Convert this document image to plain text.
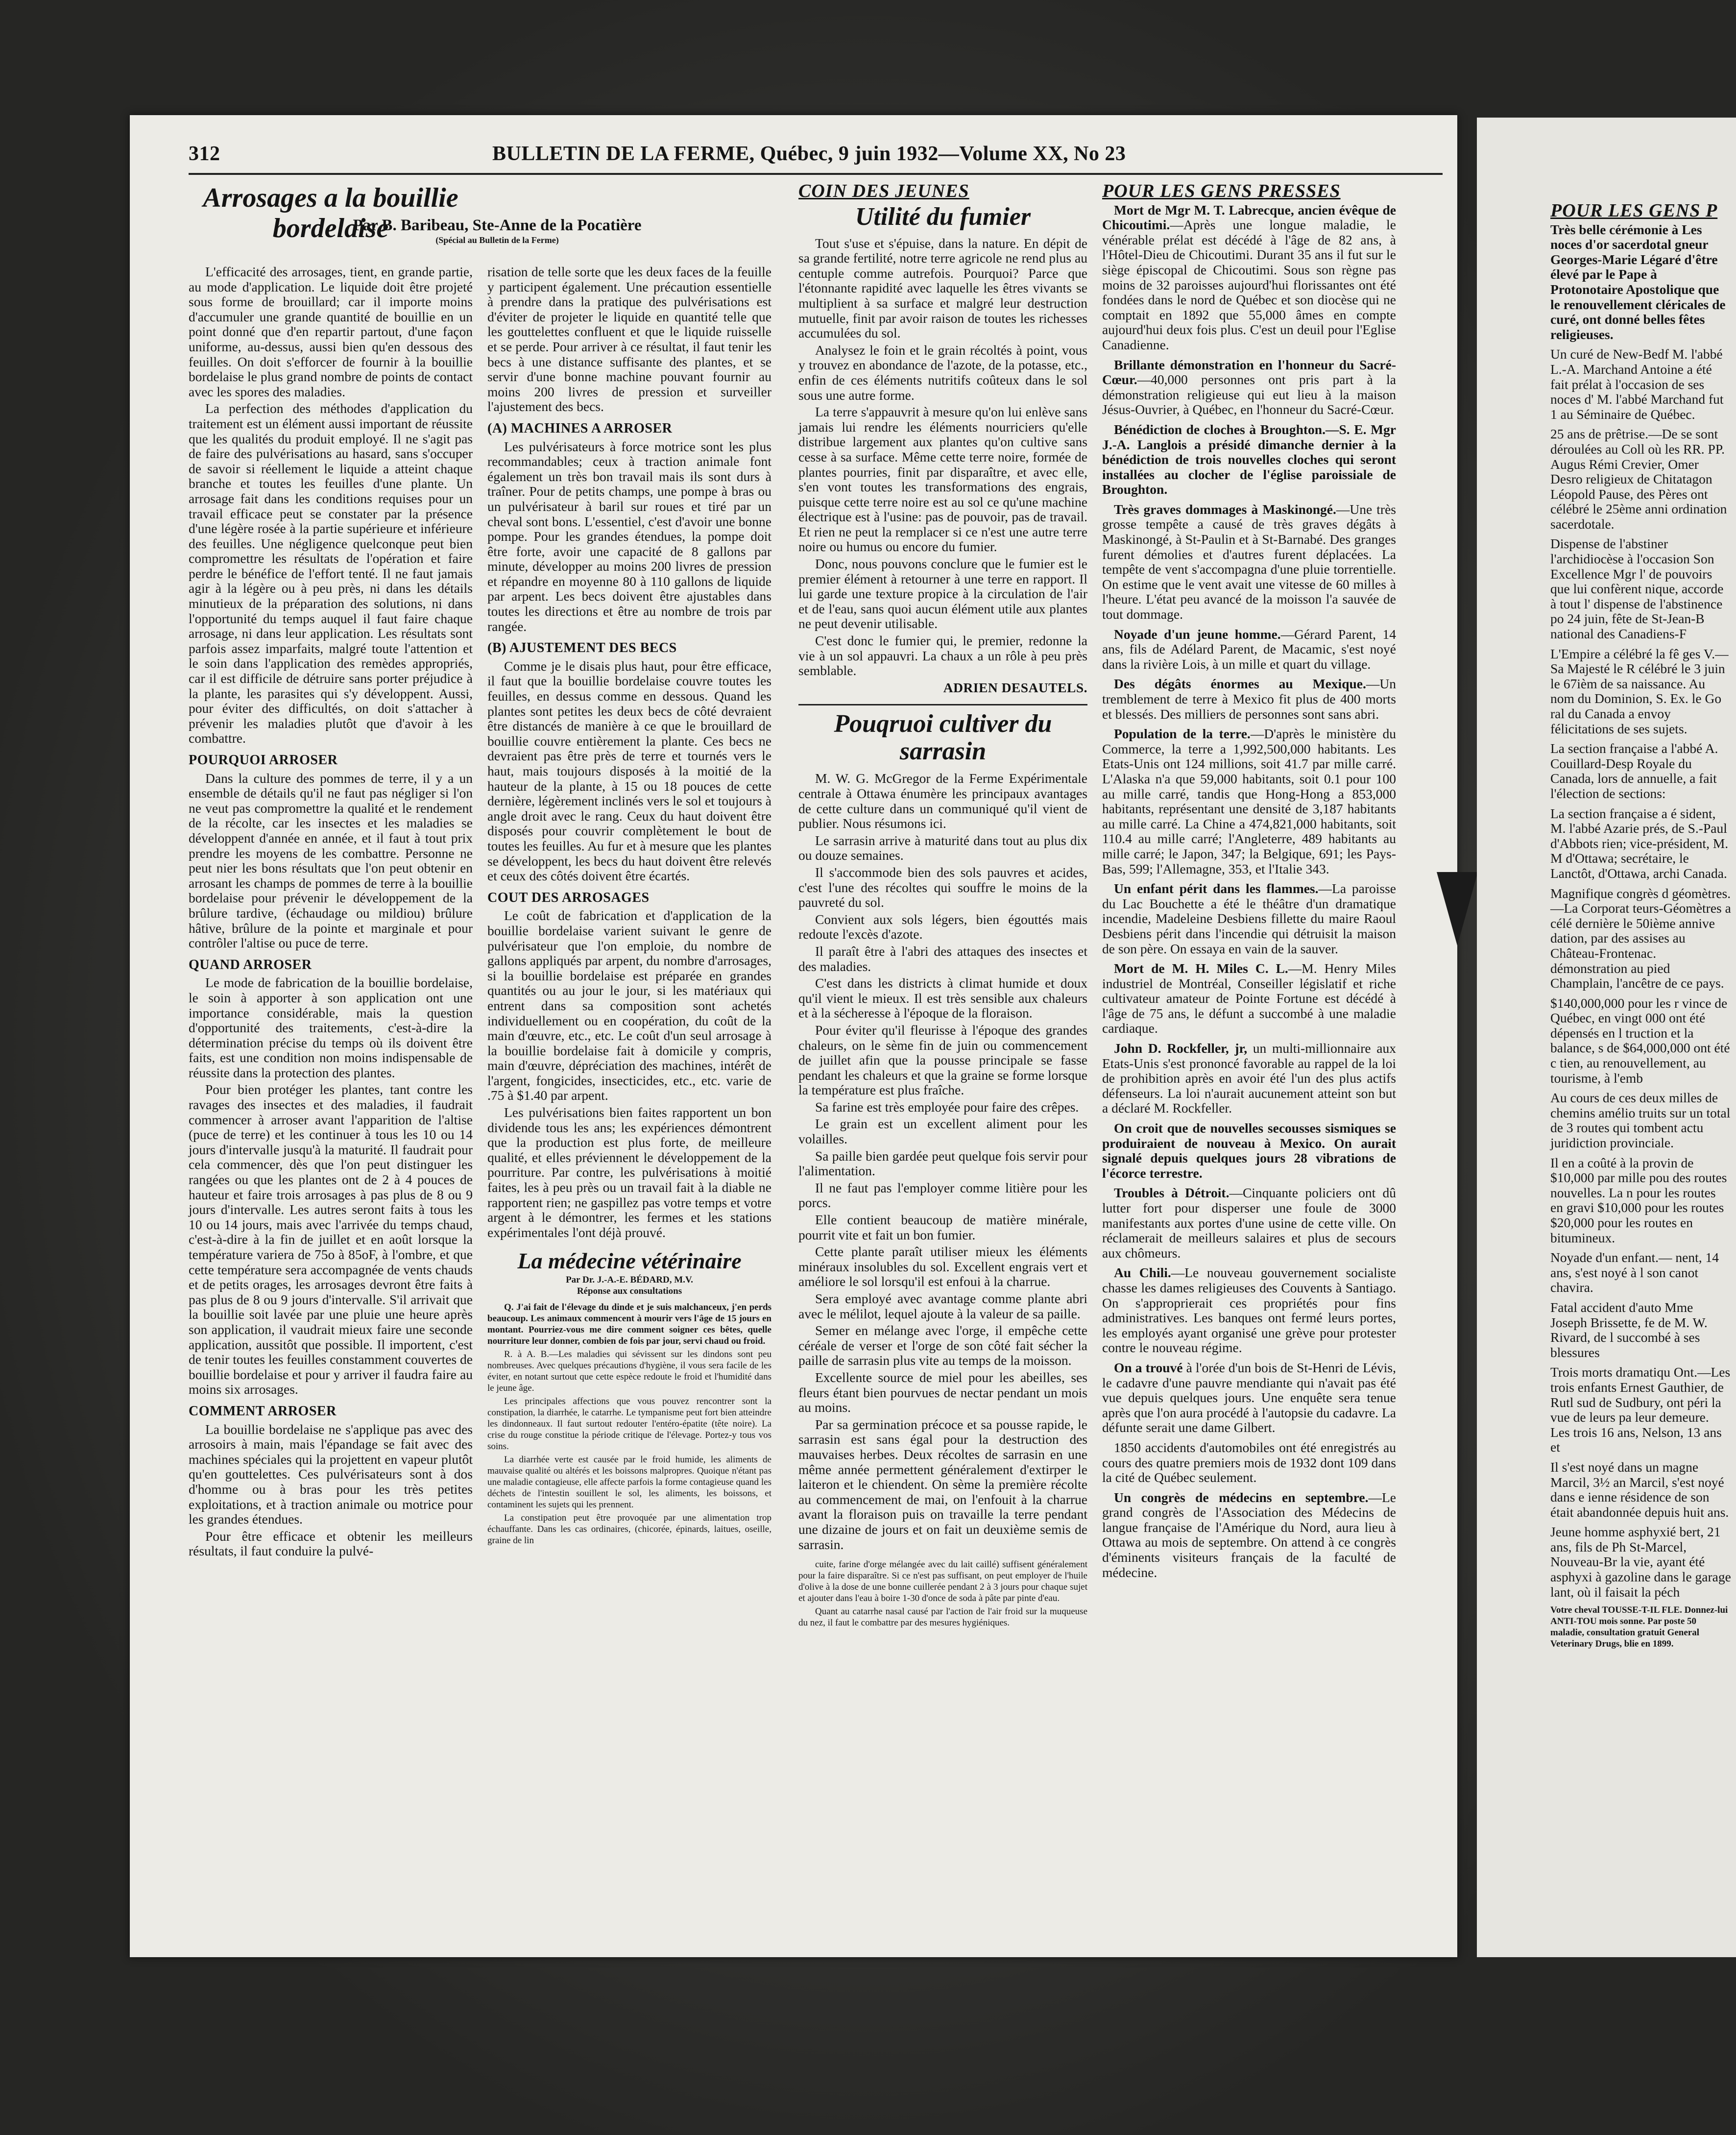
312	BULLETIN DE LA FERME, Québec, 9 juin 1932—Volume XX, No 23
Arrosages a la bouillie bordelaise
Par B. Baribeau, Ste-Anne de la Pocatière
(Spécial au Bulletin de la Ferme)

L'efficacité des arrosages, tient, en grande partie, au mode d'application. Le liquide doit être projeté sous forme de brouillard; car il importe moins d'accumuler une grande quantité de bouillie en un point donné que d'en repartir partout, d'une façon uniforme, au-dessus, aussi bien qu'en dessous des feuilles. On doit s'efforcer de fournir à la bouillie bordelaise le plus grand nombre de points de contact avec les spores des maladies.

La perfection des méthodes d'application du traitement est un élément aussi important de réussite que les qualités du produit employé. Il ne s'agit pas de faire des pulvérisations au hasard, sans s'occuper de savoir si réellement le liquide a atteint chaque branche et toutes les feuilles d'une plante. Un arrosage fait dans les conditions requises pour un travail efficace peut se constater par la présence d'une légère rosée à la partie supérieure et inférieure des feuilles. Une négligence quelconque peut bien compromettre les résultats de l'opération et faire perdre le bénéfice de l'effort tenté. Il ne faut jamais agir à la légère ou à peu près, ni dans les détails minutieux de la préparation des solutions, ni dans l'opportunité du temps auquel il faut faire chaque arrosage, ni dans leur application. Les résultats sont parfois assez imparfaits, malgré toute l'attention et le soin dans l'application des remèdes appropriés, car il est difficile de détruire sans porter préjudice à la plante, les parasites qui s'y développent. Aussi, pour éviter des difficultés, on doit s'attacher à prévenir les maladies plutôt que d'avoir à les combattre.

POURQUOI ARROSER

Dans la culture des pommes de terre, il y a un ensemble de détails qu'il ne faut pas négliger si l'on ne veut pas compromettre la qualité et le rendement de la récolte, car les insectes et les maladies se développent d'année en année, et il faut à tout prix prendre les moyens de les combattre. Personne ne peut nier les bons résultats que l'on peut obtenir en arrosant les champs de pommes de terre à la bouillie bordelaise pour prévenir le développement de la brûlure tardive, (échaudage ou mildiou) brûlure hâtive, brûlure de la pointe et marginale et pour contrôler l'altise ou puce de terre.

QUAND ARROSER

Le mode de fabrication de la bouillie bordelaise, le soin à apporter à son application ont une importance considérable, mais la question d'opportunité des traitements, c'est-à-dire la détermination précise du temps où ils doivent être faits, est une condition non moins indispensable de réussite dans la protection des plantes.

Pour bien protéger les plantes, tant contre les ravages des insectes et des maladies, il faudrait commencer à arroser avant l'apparition de l'altise (puce de terre) et les continuer à tous les 10 ou 14 jours d'intervalle jusqu'à la maturité. Il faudrait pour cela commencer, dès que l'on peut distinguer les rangées ou que les plantes ont de 2 à 4 pouces de hauteur et faire trois arrosages à pas plus de 8 ou 9 jours d'intervalle. Les autres seront faits à tous les 10 ou 14 jours, mais avec l'arrivée du temps chaud, c'est-à-dire à la fin de juillet et en août lorsque la température variera de 75o à 85oF, à l'ombre, et que cette température sera accompagnée de vents chauds et de petits orages, les arrosages devront être faits à pas plus de 8 ou 9 jours d'intervalle. S'il arrivait que la bouillie soit lavée par une pluie une heure après son application, il vaudrait mieux faire une seconde application, aussitôt que possible. Il importent, c'est de tenir toutes les feuilles constamment couvertes de bouillie bordelaise et pour y arriver il faudra faire au moins six arrosages.

COMMENT ARROSER

La bouillie bordelaise ne s'applique pas avec des arrosoirs à main, mais l'épandage se fait avec des machines spéciales qui la projettent en vapeur plutôt qu'en gouttelettes. Ces pulvérisateurs sont à dos d'homme ou à bras pour les très petites exploitations, et à traction animale ou motrice pour les grandes étendues.

Pour être efficace et obtenir les meilleurs résultats, il faut conduire la pulvé-

risation de telle sorte que les deux faces de la feuille y participent également. Une précaution essentielle à prendre dans la pratique des pulvérisations est d'éviter de projeter le liquide en quantité telle que les gouttelettes confluent et que le liquide ruisselle et se perde. Pour arriver à ce résultat, il faut tenir les becs à une distance suffisante des plantes, et se servir d'une bonne machine pouvant fournir au moins 200 livres de pression et surveiller l'ajustement des becs.

(A) MACHINES A ARROSER

Les pulvérisateurs à force motrice sont les plus recommandables; ceux à traction animale font également un très bon travail mais ils sont durs à traîner. Pour de petits champs, une pompe à bras ou un pulvérisateur à baril sur roues et tiré par un cheval sont bons. L'essentiel, c'est d'avoir une bonne pompe. Pour les grandes étendues, la pompe doit être forte, avoir une capacité de 8 gallons par minute, développer au moins 200 livres de pression et répandre en moyenne 80 à 110 gallons de liquide par arpent. Les becs doivent être ajustables dans toutes les directions et être au nombre de trois par rangée.

(B) AJUSTEMENT DES BECS

Comme je le disais plus haut, pour être efficace, il faut que la bouillie bordelaise couvre toutes les feuilles, en dessus comme en dessous. Quand les plantes sont petites les deux becs de côté devraient être distancés de manière à ce que le brouillard de bouillie couvre entièrement la plante. Ces becs ne devraient pas être près de terre et tournés vers le haut, mais toujours disposés à la moitié de la hauteur de la plante, à 15 ou 18 pouces de cette dernière, légèrement inclinés vers le sol et toujours à angle droit avec le rang. Ceux du haut doivent être disposés pour couvrir complètement le bout de toutes les feuilles. Au fur et à mesure que les plantes se développent, les becs du haut doivent être relevés et ceux des côtés doivent être écartés.

COUT DES ARROSAGES

Le coût de fabrication et d'application de la bouillie bordelaise varient suivant le genre de pulvérisateur que l'on emploie, du nombre de gallons appliqués par arpent, du nombre d'arrosages, si la bouillie bordelaise est préparée en grandes quantités ou au jour le jour, si les matériaux qui entrent dans sa composition sont achetés individuellement ou en coopération, du coût de la main d'œuvre, etc., etc. Le coût d'un seul arrosage à la bouillie bordelaise fait à domicile y compris, main d'œuvre, dépréciation des machines, intérêt de l'argent, fongicides, insecticides, etc., etc. varie de .75 à $1.40 par arpent.

Les pulvérisations bien faites rapportent un bon dividende tous les ans; les expériences démontrent que la production est plus forte, de meilleure qualité, et elles préviennent le développement de la pourriture. Par contre, les pulvérisations à moitié faites, les à peu près ou un travail fait à la diable ne rapportent rien; ne gaspillez pas votre temps et votre argent à le démontrer, les fermes et les stations expérimentales l'ont déjà prouvé.

La médecine vétérinaire
Par Dr. J.-A.-E. BÉDARD, M.V.
Réponse aux consultations

Q. J'ai fait de l'élevage du dinde et je suis malchanceux, j'en perds beaucoup. Les animaux commencent à mourir vers l'âge de 15 jours en montant. Pourriez-vous me dire comment soigner ces bêtes, quelle nourriture leur donner, combien de fois par jour, servi chaud ou froid.

R. à A. B.—Les maladies qui sévissent sur les dindons sont peu nombreuses. Avec quelques précautions d'hygiène, il vous sera facile de les éviter, en notant surtout que cette espèce redoute le froid et l'humidité dans le jeune âge.

Les principales affections que vous pouvez rencontrer sont la constipation, la diarrhée, le catarrhe. Le tympanisme peut fort bien atteindre les dindonneaux. Il faut surtout redouter l'entéro-épatite (tête noire). La crise du rouge constitue la période critique de l'élevage. Portez-y tous vos soins.

La diarrhée verte est causée par le froid humide, les aliments de mauvaise qualité ou altérés et les boissons malpropres. Quoique n'étant pas une maladie contagieuse, elle affecte parfois la forme contagieuse quand les déchets de l'intestin souillent le sol, les aliments, les boissons, et contaminent les sujets qui les prennent.

La constipation peut être provoquée par une alimentation trop échauffante. Dans les cas ordinaires, (chicorée, épinards, laitues, oseille, graine de lin

COIN DES JEUNES
Utilité du fumier

Tout s'use et s'épuise, dans la nature. En dépit de sa grande fertilité, notre terre agricole ne rend plus au centuple comme autrefois. Pourquoi? Parce que l'étonnante rapidité avec laquelle les êtres vivants se multiplient à sa surface et malgré leur destruction mutuelle, finit par avoir raison de toutes les richesses accumulées du sol.

Analysez le foin et le grain récoltés à point, vous y trouvez en abondance de l'azote, de la potasse, etc., enfin de ces éléments nutritifs coûteux dans le sol sous une autre forme.

La terre s'appauvrit à mesure qu'on lui enlève sans jamais lui rendre les éléments nourriciers qu'elle distribue largement aux plantes qu'on cultive sans cesse à sa surface. Même cette terre noire, formée de plantes pourries, finit par disparaître, et avec elle, s'en vont toutes les transformations des engrais, puisque cette terre noire est au sol ce qu'une machine électrique est à l'usine: pas de pouvoir, pas de travail. Et rien ne peut la remplacer si ce n'est une autre terre noire ou humus ou encore du fumier.

Donc, nous pouvons conclure que le fumier est le premier élément à retourner à une terre en rapport. Il lui garde une texture propice à la circulation de l'air et de l'eau, sans quoi aucun élément utile aux plantes ne peut devenir utilisable.

C'est donc le fumier qui, le premier, redonne la vie à un sol appauvri. La chaux a un rôle à peu près semblable.

ADRIEN DESAUTELS.
Pouqruoi cultiver du sarrasin

M. W. G. McGregor de la Ferme Expérimentale centrale à Ottawa énumère les principaux avantages de cette culture dans un communiqué qu'il vient de publier. Nous résumons ici.

Le sarrasin arrive à maturité dans tout au plus dix ou douze semaines.

Il s'accommode bien des sols pauvres et acides, c'est l'une des récoltes qui souffre le moins de la pauvreté du sol.

Convient aux sols légers, bien égouttés mais redoute l'excès d'azote.

Il paraît être à l'abri des attaques des insectes et des maladies.

C'est dans les districts à climat humide et doux qu'il vient le mieux. Il est très sensible aux chaleurs et à la sécheresse à l'époque de la floraison.

Pour éviter qu'il fleurisse à l'époque des grandes chaleurs, on le sème fin de juin ou commencement de juillet afin que la pousse principale se fasse pendant les chaleurs et que la graine se forme lorsque la température est plus fraîche.

Sa farine est très employée pour faire des crêpes.

Le grain est un excellent aliment pour les volailles.

Sa paille bien gardée peut quelque fois servir pour l'alimentation.

Il ne faut pas l'employer comme litière pour les porcs.

Elle contient beaucoup de matière minérale, pourrit vite et fait un bon fumier.

Cette plante paraît utiliser mieux les éléments minéraux insolubles du sol. Excellent engrais vert et améliore le sol lorsqu'il est enfoui à la charrue.

Sera employé avec avantage comme plante abri avec le mélilot, lequel ajoute à la valeur de sa paille.

Semer en mélange avec l'orge, il empêche cette céréale de verser et l'orge de son côté fait sécher la paille de sarrasin plus vite au temps de la moisson.

Excellente source de miel pour les abeilles, ses fleurs étant bien pourvues de nectar pendant un mois au moins.

Par sa germination précoce et sa pousse rapide, le sarrasin est sans égal pour la destruction des mauvaises herbes. Deux récoltes de sarrasin en une même année permettent généralement d'extirper le laiteron et le chiendent. On sème la première récolte au commencement de mai, on l'enfouit à la charrue avant la floraison puis on travaille la terre pendant une dizaine de jours et on fait un deuxième semis de sarrasin.

cuite, farine d'orge mélangée avec du lait caillé) suffisent généralement pour la faire disparaître. Si ce n'est pas suffisant, on peut employer de l'huile d'olive à la dose de une bonne cuillerée pendant 2 à 3 jours pour chaque sujet et ajouter dans l'eau à boire 1-30 d'once de soda à pâte par pinte d'eau.

Quant au catarrhe nasal causé par l'action de l'air froid sur la muqueuse du nez, il faut le combattre par des mesures hygiéniques.

POUR LES GENS PRESSES

Mort de Mgr M. T. Labrecque, ancien évêque de Chicoutimi.—Après une longue maladie, le vénérable prélat est décédé à l'âge de 82 ans, à l'Hôtel-Dieu de Chicoutimi. Durant 35 ans il fut sur le siège épiscopal de Chicoutimi. Sous son règne pas moins de 32 paroisses aujourd'hui florissantes ont été fondées dans le nord de Québec et son diocèse qui ne comptait en 1892 que 55,000 âmes en compte aujourd'hui deux fois plus. C'est un deuil pour l'Eglise Canadienne.

Brillante démonstration en l'honneur du Sacré-Cœur.—40,000 personnes ont pris part à la démonstration religieuse qui eut lieu à la maison Jésus-Ouvrier, à Québec, en l'honneur du Sacré-Cœur.

Bénédiction de cloches à Broughton.—S. E. Mgr J.-A. Langlois a présidé dimanche dernier à la bénédiction de trois nouvelles cloches qui seront installées au clocher de l'église paroissiale de Broughton.

Très graves dommages à Maskinongé.—Une très grosse tempête a causé de très graves dégâts à Maskinongé, à St-Paulin et à St-Barnabé. Des granges furent démolies et d'autres furent déplacées. La tempête de vent s'accompagna d'une pluie torrentielle. On estime que le vent avait une vitesse de 60 milles à l'heure. L'état peu avancé de la moisson l'a sauvée de tout dommage.

Noyade d'un jeune homme.—Gérard Parent, 14 ans, fils de Adélard Parent, de Macamic, s'est noyé dans la rivière Lois, à un mille et quart du village.

Des dégâts énormes au Mexique.—Un tremblement de terre à Mexico fit plus de 400 morts et blessés. Des milliers de personnes sont sans abri.

Population de la terre.—D'après le ministère du Commerce, la terre a 1,992,500,000 habitants. Les Etats-Unis ont 124 millions, soit 41.7 par mille carré. L'Alaska n'a que 59,000 habitants, soit 0.1 pour 100 au mille carré, tandis que Hong-Hong a 853,000 habitants, représentant une densité de 3,187 habitants au mille carré. La Chine a 474,821,000 habitants, soit 110.4 au mille carré; l'Angleterre, 489 habitants au mille carré; le Japon, 347; la Belgique, 691; les Pays-Bas, 599; l'Allemagne, 353, et l'Italie 343.

Un enfant périt dans les flammes.—La paroisse du Lac Bouchette a été le théâtre d'un dramatique incendie, Madeleine Desbiens fillette du maire Raoul Desbiens périt dans l'incendie qui détruisit la maison de son père. On essaya en vain de la sauver.

Mort de M. H. Miles C. L.—M. Henry Miles industriel de Montréal, Conseiller législatif et riche cultivateur amateur de Pointe Fortune est décédé à l'âge de 75 ans, le défunt a succombé à une maladie cardiaque.

John D. Rockfeller, jr, un multi-millionnaire aux Etats-Unis s'est prononcé favorable au rappel de la loi de prohibition après en avoir été l'un des plus actifs défenseurs. La loi n'aurait aucunement atteint son but a déclaré M. Rockfeller.

On croit que de nouvelles secousses sismiques se produiraient de nouveau à Mexico. On aurait signalé depuis quelques jours 28 vibrations de l'écorce terrestre.

Troubles à Détroit.—Cinquante policiers ont dû lutter fort pour disperser une foule de 3000 manifestants aux portes d'une usine de cette ville. On réclamerait de meilleurs salaires et plus de secours aux chômeurs.

Au Chili.—Le nouveau gouvernement socialiste chasse les dames religieuses des Couvents à Santiago. On s'approprierait ces propriétés pour fins administratives. Les banques ont fermé leurs portes, les employés ayant organisé une grève pour protester contre le nouveau régime.

On a trouvé à l'orée d'un bois de St-Henri de Lévis, le cadavre d'une pauvre mendiante qui n'avait pas été vue depuis quelques jours. Une enquête sera tenue après que l'on aura procédé à l'autopsie du cadavre. La défunte serait une dame Gilbert.

1850 accidents d'automobiles ont été enregistrés au cours des quatre premiers mois de 1932 dont 109 dans la cité de Québec seulement.

Un congrès de médecins en septembre.—Le grand congrès de l'Association des Médecins de langue française de l'Amérique du Nord, aura lieu à Ottawa au mois de septembre. On attend à ce congrès d'éminents visiteurs français de la faculté de médecine.

POUR LES GENS P

Très belle cérémonie à Les noces d'or sacerdotal gneur Georges-Marie Légaré d'être élevé par le Pape à Protonotaire Apostolique que le renouvellement cléricales de curé, ont donné belles fêtes religieuses.

Un curé de New-Bedf M. l'abbé L.-A. Marchand Antoine a été fait prélat à l'occasion de ses noces d' M. l'abbé Marchand fut 1 au Séminaire de Québec.

25 ans de prêtrise.—De se sont déroulées au Coll où les RR. PP. Augus Rémi Crevier, Omer Desro religieux de Chitatagon Léopold Pause, des Pères ont célébré le 25ème anni ordination sacerdotale.

Dispense de l'abstiner l'archidiocèse à l'occasion Son Excellence Mgr l' de pouvoirs que lui confèrent nique, accorde à tout l' dispense de l'abstinence po 24 juin, fête de St-Jean-B national des Canadiens-F

L'Empire a célébré la fê ges V.—Sa Majesté le R célébré le 3 juin le 67ièm de sa naissance. Au nom du Dominion, S. Ex. le Go ral du Canada a envoy félicitations de ses sujets.

La section française a l'abbé A. Couillard-Desp Royale du Canada, lors de annuelle, a fait l'élection de sections:

La section française a é sident, M. l'abbé Azarie prés, de S.-Paul d'Abbots rien; vice-président, M. M d'Ottawa; secrétaire, le Lanctôt, d'Ottawa, archi Canada.

Magnifique congrès d géomètres.—La Corporat teurs-Géomètres a célé dernière le 50ième annive dation, par des assises au Château-Frontenac. démonstration au pied Champlain, l'ancêtre de ce pays.

$140,000,000 pour les r vince de Québec, en vingt 000 ont été dépensés en l truction et la balance, s de $64,000,000 ont été c tien, au renouvellement, au tourisme, à l'emb

Au cours de ces deux milles de chemins amélio truits sur un total de 3 routes qui tombent actu juridiction provinciale.

Il en a coûté à la provin de $10,000 par mille pou des routes nouvelles. La n pour les routes en gravi $10,000 pour les routes $20,000 pour les routes en bitumineux.

Noyade d'un enfant.— nent, 14 ans, s'est noyé à l son canot chavira.

Fatal accident d'auto Mme Joseph Brissette, fe de M. W. Rivard, de l succombé à ses blessures

Trois morts dramatiqu Ont.—Les trois enfants Ernest Gauthier, de Rutl sud de Sudbury, ont péri la vue de leurs pa leur demeure. Les trois 16 ans, Nelson, 13 ans et

Il s'est noyé dans un magne Marcil, 3½ an Marcil, s'est noyé dans e ienne résidence de son était abandonnée depuis huit ans.

Jeune homme asphyxié bert, 21 ans, fils de Ph St-Marcel, Nouveau-Br la vie, ayant été asphyxi à gazoline dans le garage lant, où il faisait la péch

Votre cheval TOUSSE-T-IL FLE. Donnez-lui ANTI-TOU mois sonne. Par poste 50 maladie, consultation gratuit General Veterinary Drugs, blie en 1899.
